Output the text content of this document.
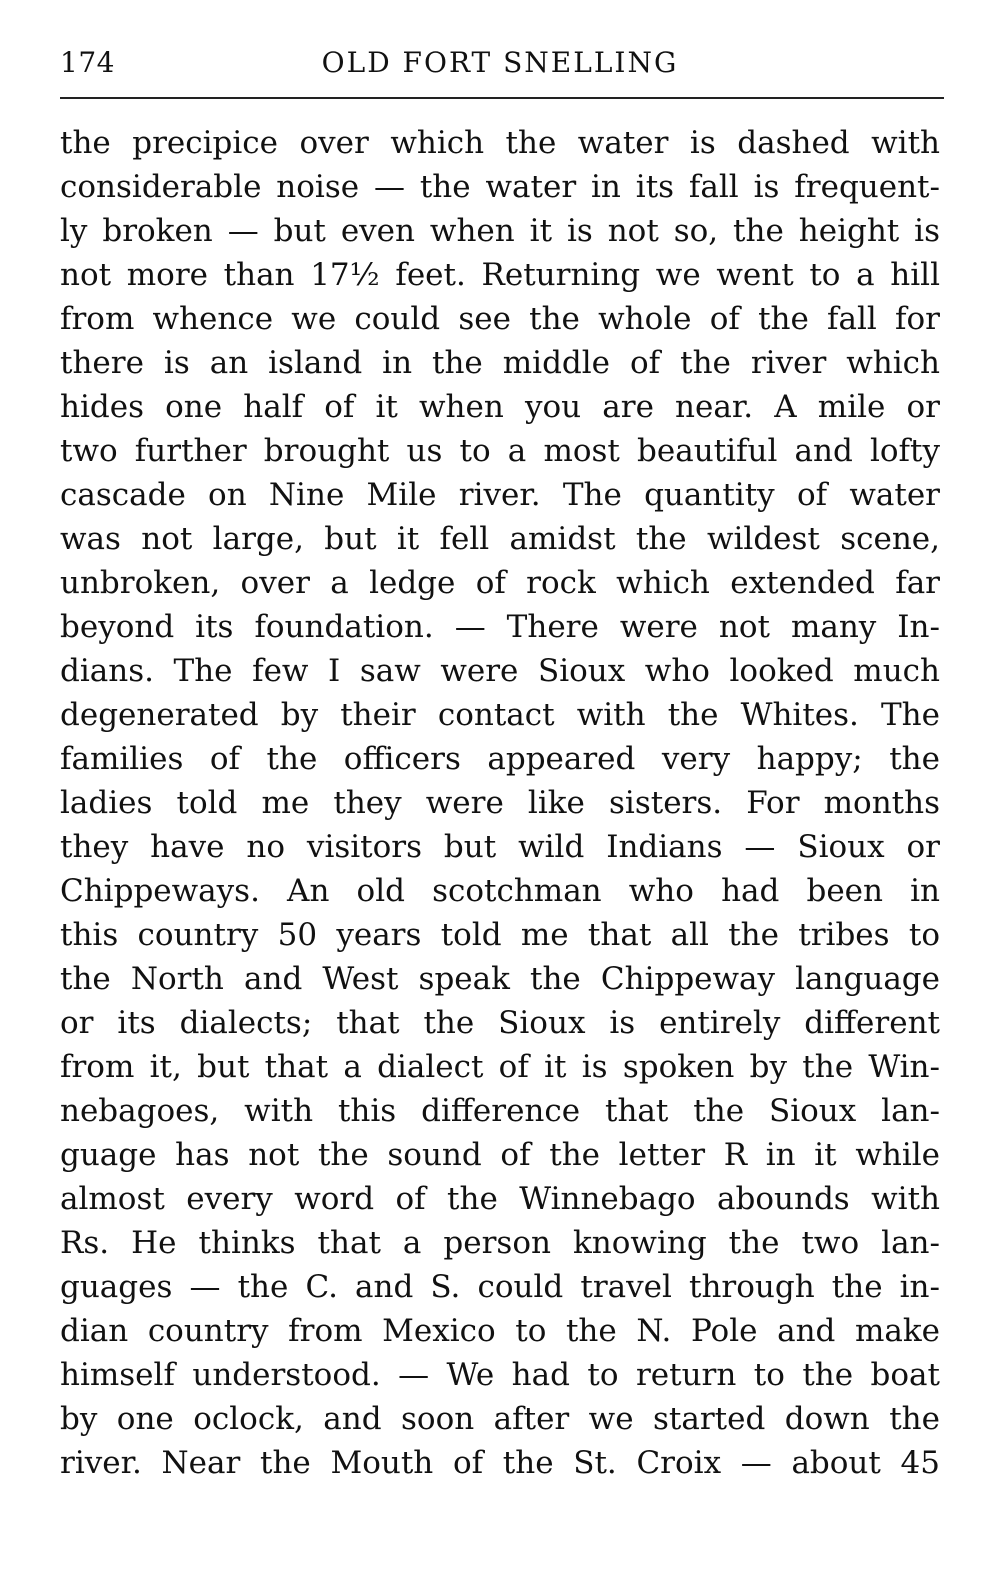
174	OLD FORT SNELLING
the precipice over which the water is dashed with
considerable noise — the water in its fall is frequent-
ly broken — but even when it is not so, the height is
not more than 17½ feet. Returning we went to a hill
from whence we could see the whole of the fall for
there is an island in the middle of the river which
hides one half of it when you are near. A mile or
two further brought us to a most beautiful and lofty
cascade on Nine Mile river. The quantity of water
was not large, but it fell amidst the wildest scene,
unbroken, over a ledge of rock which extended far
beyond its foundation. — There were not many In-
dians. The few I saw were Sioux who looked much
degenerated by their contact with the Whites. The
families of the officers appeared very happy; the
ladies told me they were like sisters. For months
they have no visitors but wild Indians — Sioux or
Chippeways. An old scotchman who had been in
this country 50 years told me that all the tribes to
the North and West speak the Chippeway language
or its dialects; that the Sioux is entirely different
from it, but that a dialect of it is spoken by the Win-
nebagoes, with this difference that the Sioux lan-
guage has not the sound of the letter R in it while
almost every word of the Winnebago abounds with
Rs. He thinks that a person knowing the two lan-
guages — the C. and S. could travel through the in-
dian country from Mexico to the N. Pole and make
himself understood. — We had to return to the boat
by one oclock, and soon after we started down the
river. Near the Mouth of the St. Croix — about 45
